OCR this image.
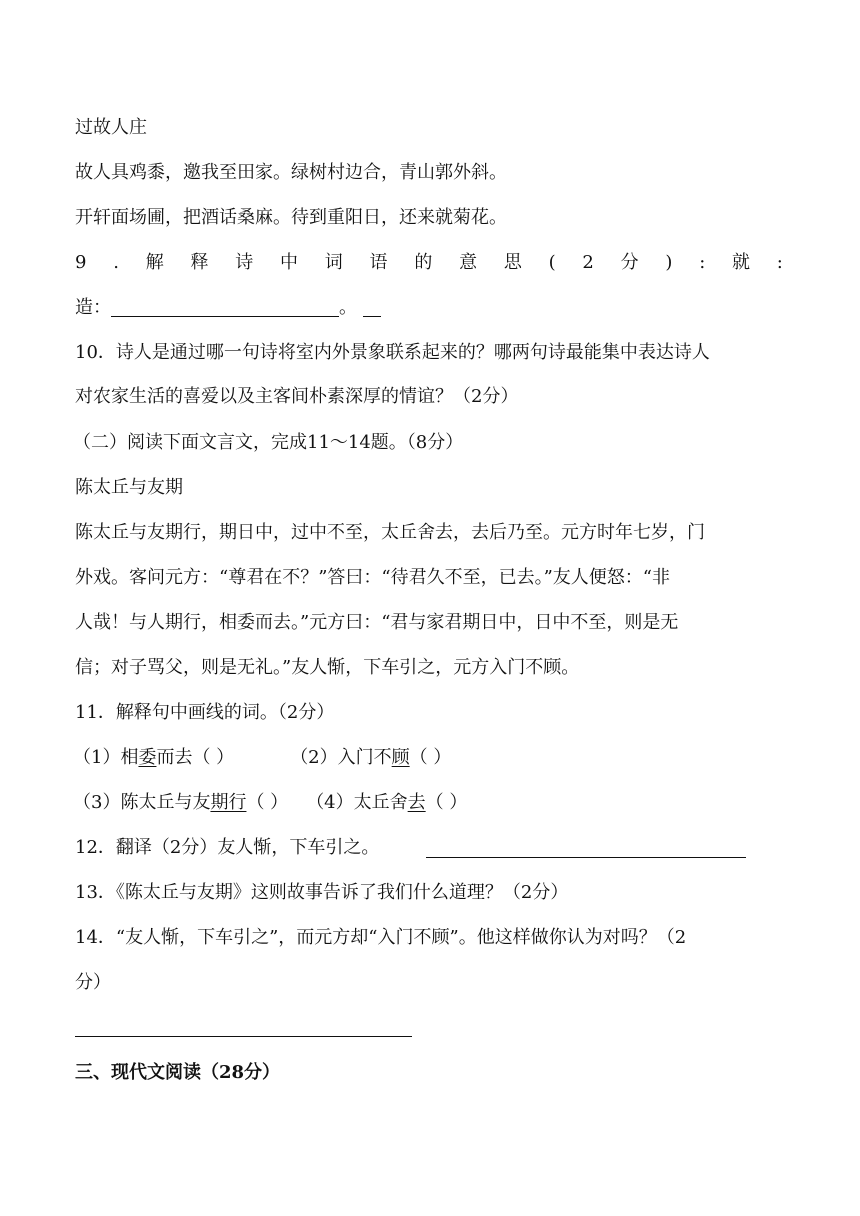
过故人庄
故人具鸡黍，邀我至田家。绿树村边合，青山郭外斜。
开轩面场圃，把酒话桑麻。待到重阳日，还来就菊花。
9 . 解 释 诗 中 词 语 的 意 思 ( 2 分 ) : 就 :
造：	。
10．诗人是通过哪一句诗将室内外景象联系起来的？哪两句诗最能集中表达诗人
对农家生活的喜爱以及主客间朴素深厚的情谊？（2分）
（二）阅读下面文言文，完成11～14题。（8分）
陈太丘与友期
陈太丘与友期行，期日中，过中不至，太丘舍去，去后乃至。元方时年七岁，门
外戏。客问元方：“尊君在不？”答曰：“待君久不至，已去。”友人便怒：“非
人哉！与人期行，相委而去。”元方曰：“君与家君期日中，日中不至，则是无
信；对子骂父，则是无礼。”友人惭，下车引之，元方入门不顾。
11．解释句中画线的词。（2分）
（1）相委而去（ ）	（2）入门不顾（ ）
（3）陈太丘与友期行（ ） （4）太丘舍去（ ）
12．翻译（2分）友人惭，下车引之。
13．《陈太丘与友期》这则故事告诉了我们什么道理？（2分）
14．“友人惭，下车引之”，而元方却“入门不顾”。他这样做你认为对吗？（2
分）
三、现代文阅读（28分）
